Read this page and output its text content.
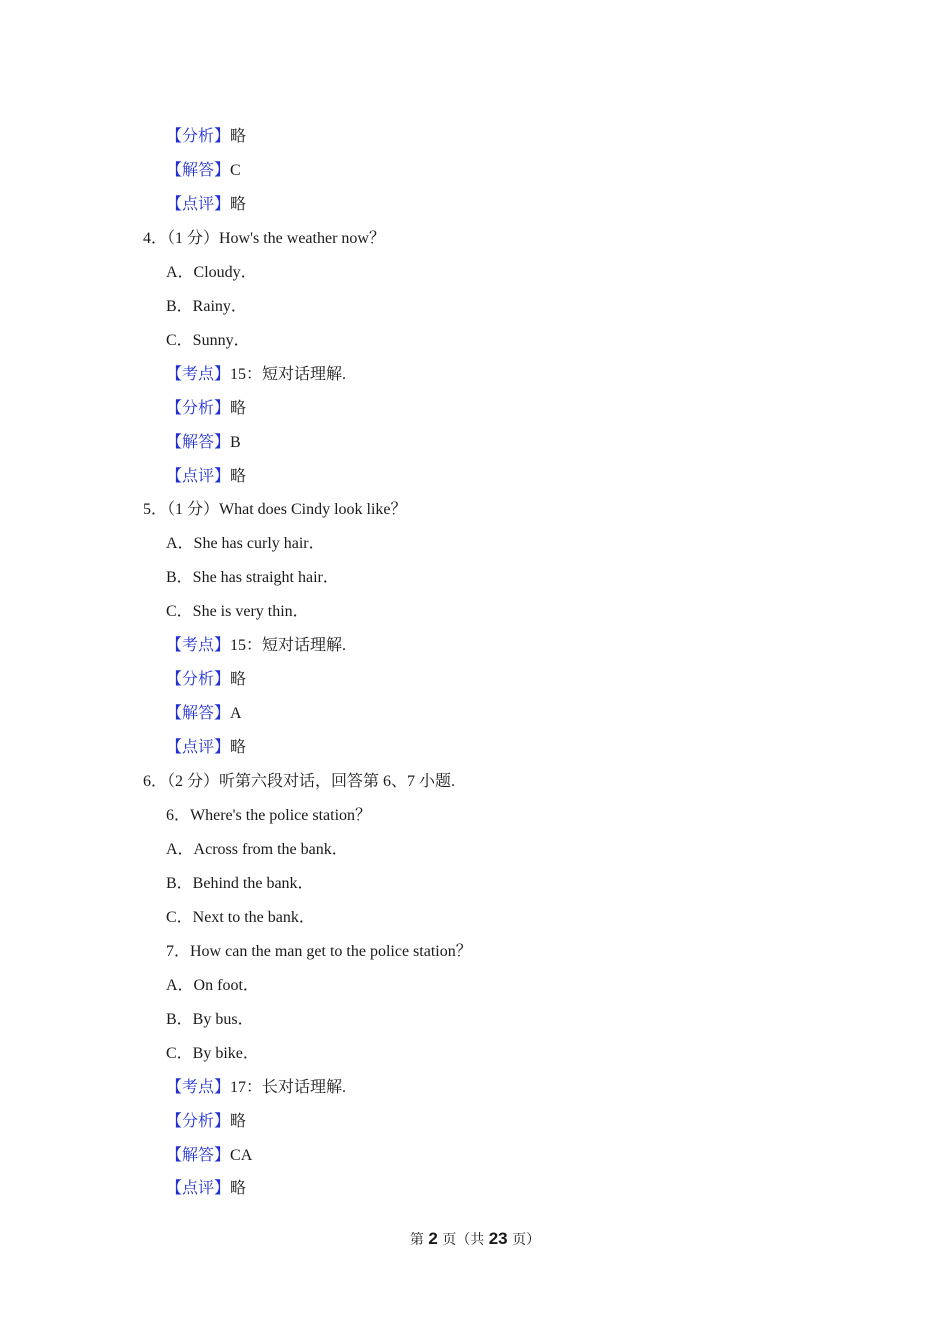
【分析】略
【解答】C
【点评】略
4．（1 分）How's the weather now？
A．Cloudy．
B．Rainy．
C．Sunny．
【考点】15：短对话理解.
【分析】略
【解答】B
【点评】略
5．（1 分）What does Cindy look like？
A．She has curly hair．
B．She has straight hair．
C．She is very thin．
【考点】15：短对话理解.
【分析】略
【解答】A
【点评】略
6．（2 分）听第六段对话，回答第 6、7 小题.
6．Where's the police station？
A．Across from the bank．
B．Behind the bank．
C．Next to the bank．
7．How can the man get to the police station？
A．On foot．
B．By bus．
C．By bike．
【考点】17：长对话理解.
【分析】略
【解答】CA
【点评】略
第 2 页（共 23 页）
